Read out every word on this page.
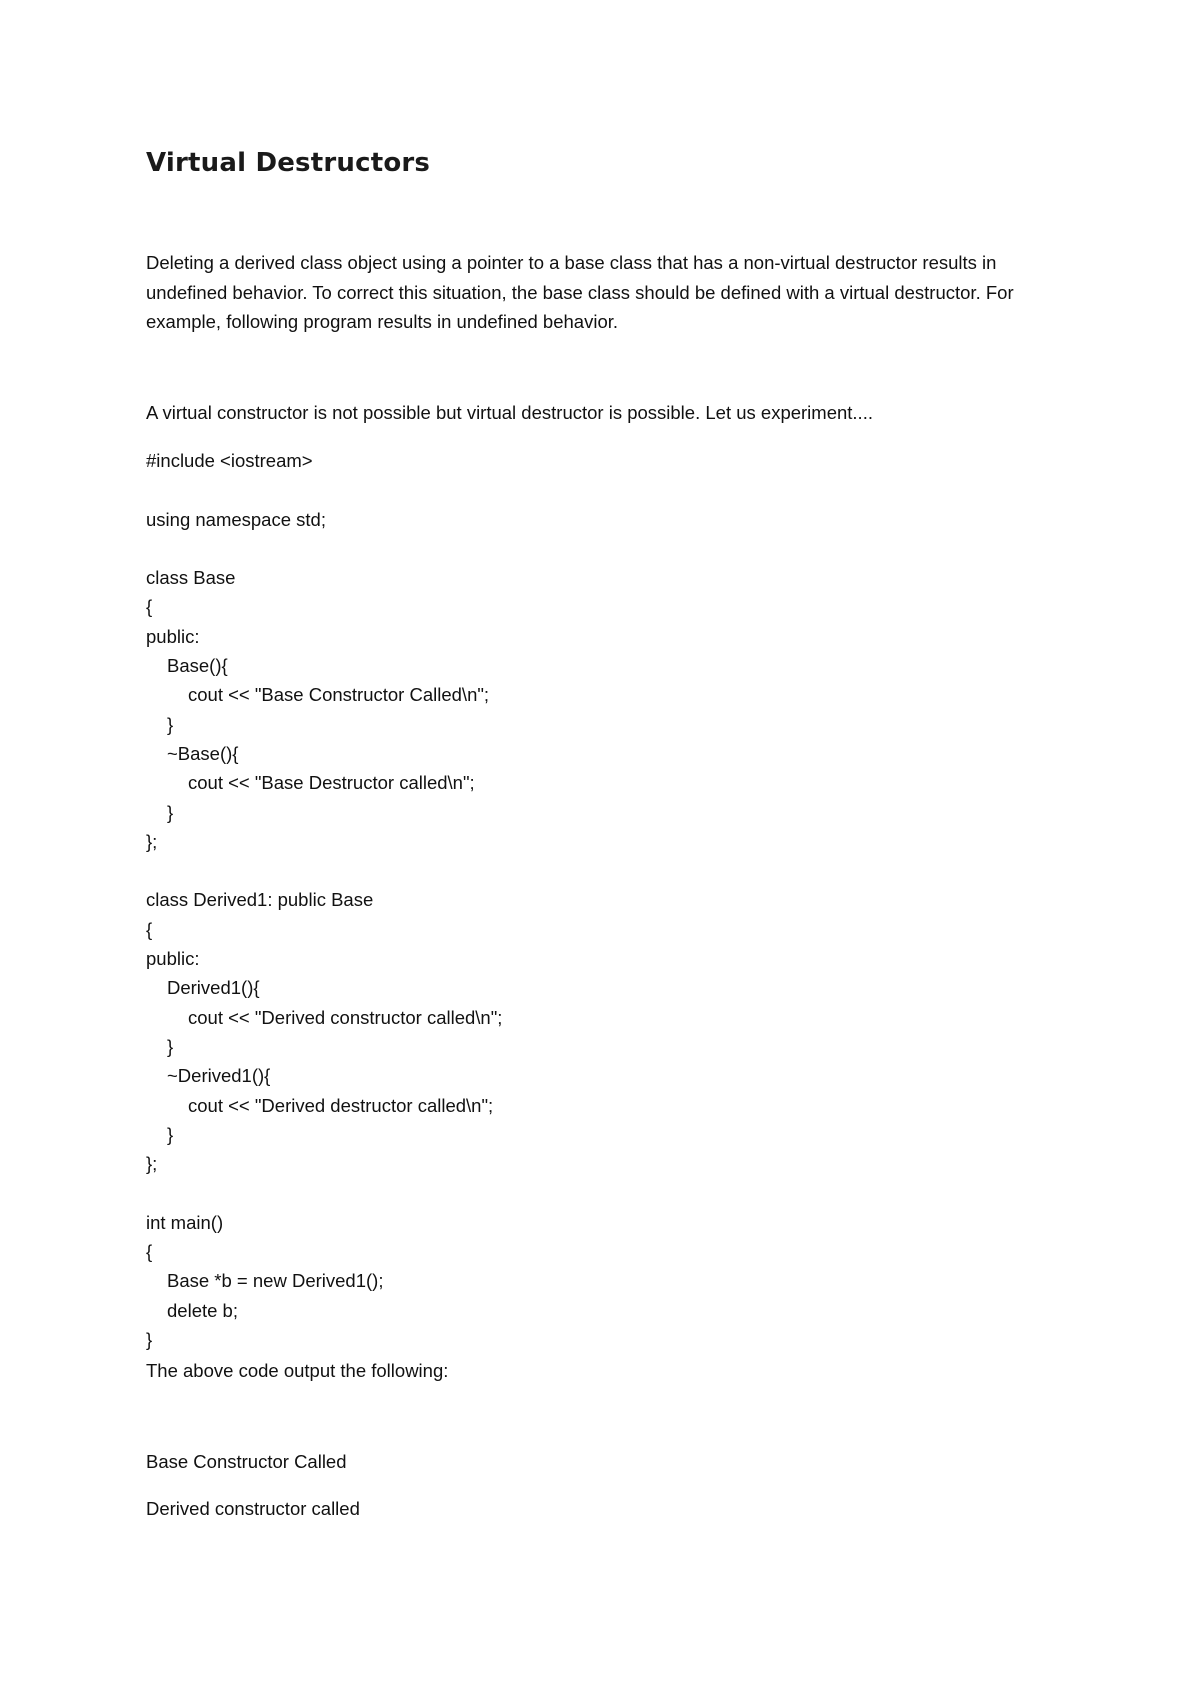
Virtual Destructors

Deleting a derived class object using a pointer to a base class that has a non-virtual destructor results in undefined behavior. To correct this situation, the base class should be defined with a virtual destructor. For example, following program results in undefined behavior.

A virtual constructor is not possible but virtual destructor is possible. Let us experiment....

#include <iostream>
using namespace std;
class Base
{
public:
Base(){
cout << "Base Constructor Called\n";
}
~Base(){
cout << "Base Destructor called\n";
}
};
class Derived1: public Base
{
public:
Derived1(){
cout << "Derived constructor called\n";
}
~Derived1(){
cout << "Derived destructor called\n";
}
};
int main()
{
Base *b = new Derived1();
delete b;
}

The above code output the following:

Base Constructor Called

Derived constructor called
